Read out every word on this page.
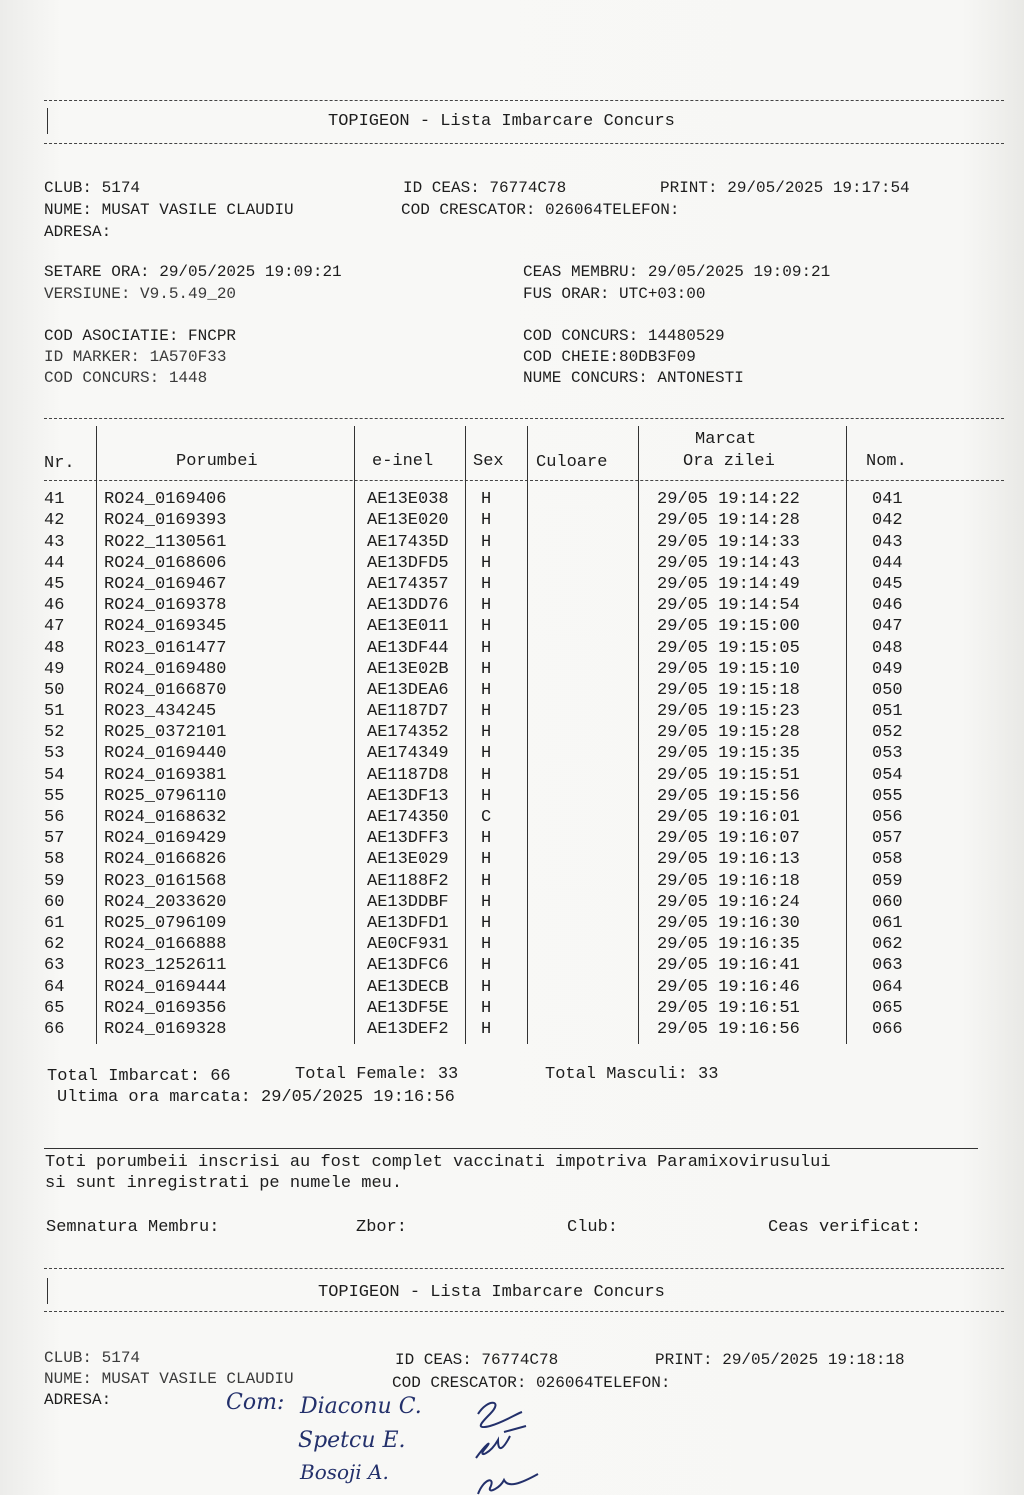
TOPIGEON - Lista Imbarcare Concurs
CLUB: 5174	ID CEAS: 76774C78	PRINT: 29/05/2025 19:17:54
NUME: MUSAT VASILE CLAUDIU	COD CRESCATOR: 026064TELEFON:
ADRESA:
SETARE ORA: 29/05/2025 19:09:21	CEAS MEMBRU: 29/05/2025 19:09:21
VERSIUNE: V9.5.49_20	FUS ORAR: UTC+03:00
COD ASOCIATIE: FNCPR	COD CONCURS: 14480529
ID MARKER: 1A570F33	COD CHEIE:80DB3F09
COD CONCURS: 1448	NUME CONCURS: ANTONESTI
Nr.	Porumbei	e-inel Sex Culoare
Marcat
Ora zilei	Nom.
41	RO24_0169406	AE13E038	H		29/05 19:14:22	041
42	RO24_0169393	AE13E020	H		29/05 19:14:28	042
43	RO22_1130561	AE17435D	H		29/05 19:14:33	043
44	RO24_0168606	AE13DFD5	H		29/05 19:14:43	044
45	RO24_0169467	AE174357	H		29/05 19:14:49	045
46	RO24_0169378	AE13DD76	H		29/05 19:14:54	046
47	RO24_0169345	AE13E011	H		29/05 19:15:00	047
48	RO23_0161477	AE13DF44	H		29/05 19:15:05	048
49	RO24_0169480	AE13E02B	H		29/05 19:15:10	049
50	RO24_0166870	AE13DEA6	H		29/05 19:15:18	050
51	RO23_434245	AE1187D7	H		29/05 19:15:23	051
52	RO25_0372101	AE174352	H		29/05 19:15:28	052
53	RO24_0169440	AE174349	H		29/05 19:15:35	053
54	RO24_0169381	AE1187D8	H		29/05 19:15:51	054
55	RO25_0796110	AE13DF13	H		29/05 19:15:56	055
56	RO24_0168632	AE174350	C		29/05 19:16:01	056
57	RO24_0169429	AE13DFF3	H		29/05 19:16:07	057
58	RO24_0166826	AE13E029	H		29/05 19:16:13	058
59	RO23_0161568	AE1188F2	H		29/05 19:16:18	059
60	RO24_2033620	AE13DDBF	H		29/05 19:16:24	060
61	RO25_0796109	AE13DFD1	H		29/05 19:16:30	061
62	RO24_0166888	AE0CF931	H		29/05 19:16:35	062
63	RO23_1252611	AE13DFC6	H		29/05 19:16:41	063
64	RO24_0169444	AE13DECB	H		29/05 19:16:46	064
65	RO24_0169356	AE13DF5E	H		29/05 19:16:51	065
66	RO24_0169328	AE13DEF2	H		29/05 19:16:56	066
Total Imbarcat: 66	Total Female: 33	Total Masculi: 33
Ultima ora marcata: 29/05/2025 19:16:56
Toti porumbeii inscrisi au fost complet vaccinati impotriva Paramixovirusului
si sunt inregistrati pe numele meu.
Semnatura Membru:	Zbor:	Club:	Ceas verificat:
TOPIGEON - Lista Imbarcare Concurs
CLUB: 5174	ID CEAS: 76774C78	PRINT: 29/05/2025 19:18:18
NUME: MUSAT VASILE CLAUDIU	COD CRESCATOR: 026064TELEFON:
ADRESA:	Com: Diaconu C.
Spetcu E.
Bosoji A.
